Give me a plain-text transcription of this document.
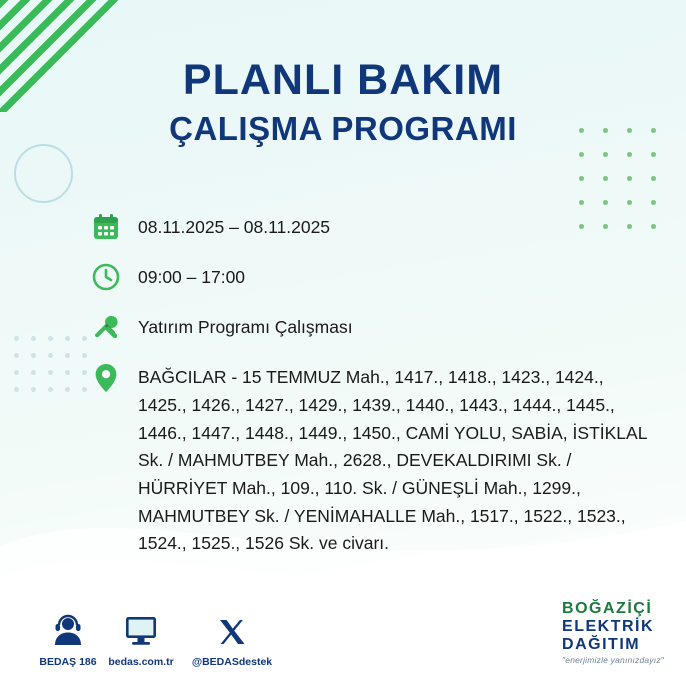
PLANLI BAKIM
ÇALIŞMA PROGRAMI
08.11.2025 – 08.11.2025
09:00 – 17:00
Yatırım Programı Çalışması
BAĞCILAR - 15 TEMMUZ Mah., 1417., 1418., 1423., 1424., 1425., 1426., 1427., 1429., 1439., 1440., 1443., 1444., 1445., 1446., 1447., 1448., 1449., 1450., CAMİ YOLU, SABİA, İSTİKLAL Sk. / MAHMUTBEY Mah., 2628., DEVEKALDIRIMI Sk. / HÜRRİYET Mah., 109., 110. Sk. / GÜNEŞLİ Mah., 1299., MAHMUTBEY Sk. / YENİMAHALLE Mah., 1517., 1522., 1523., 1524., 1525., 1526 Sk. ve civarı.
BEDAŞ 186	bedas.com.tr	@BEDASdestek
BOĞAZİÇİ
ELEKTRİK
DAĞITIM
"enerjimizle yanınızdayız"
